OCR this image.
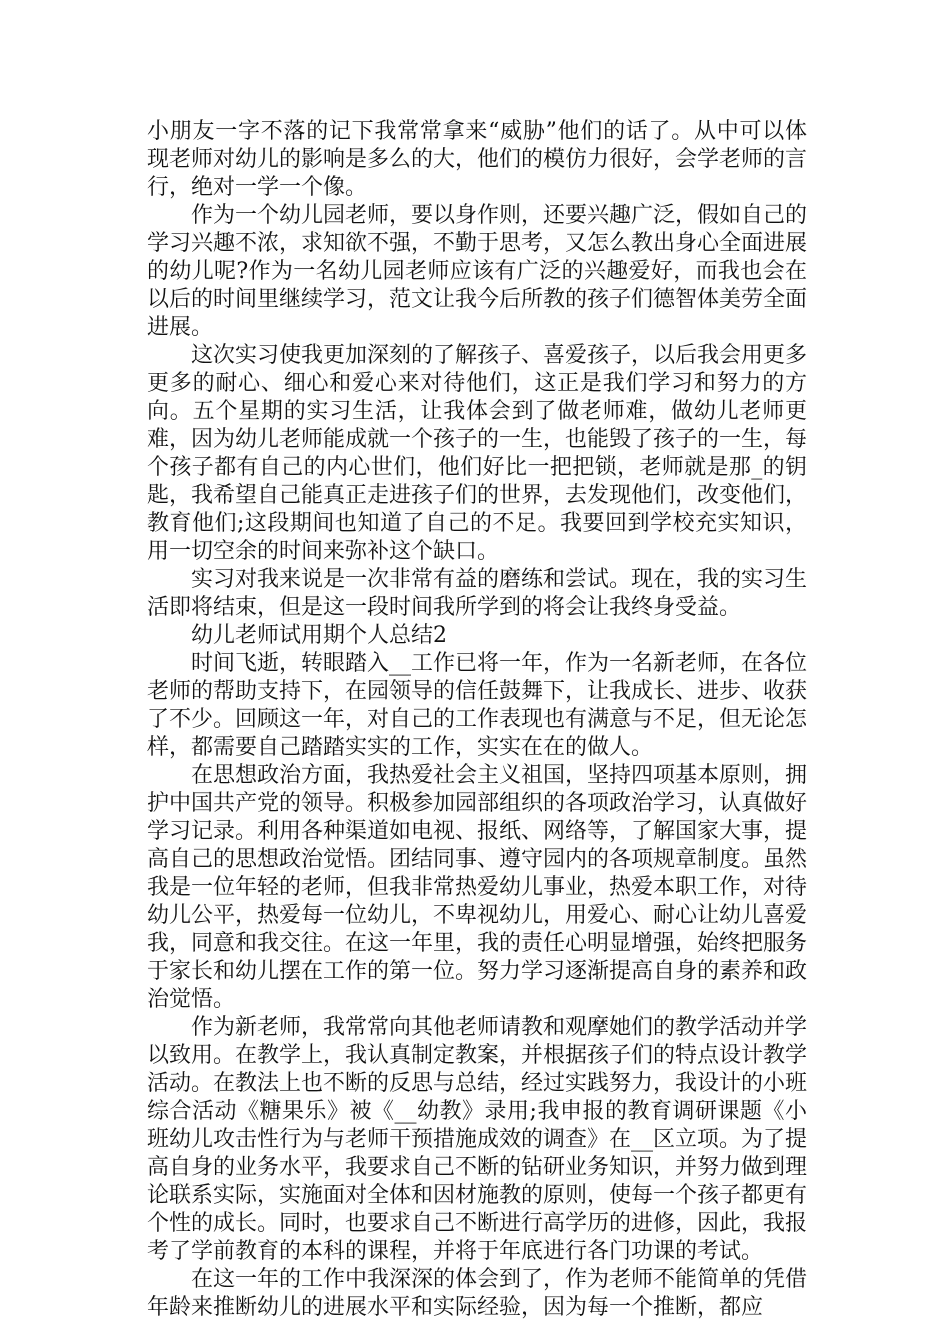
小朋友一字不落的记下我常常拿来“威胁”他们的话了。从中可以体现老师对幼儿的影响是多么的大，他们的模仿力很好，会学老师的言行，绝对一学一个像。

作为一个幼儿园老师，要以身作则，还要兴趣广泛，假如自己的学习兴趣不浓，求知欲不强，不勤于思考，又怎么教出身心全面进展的幼儿呢?作为一名幼儿园老师应该有广泛的兴趣爱好，而我也会在以后的时间里继续学习，范文让我今后所教的孩子们德智体美劳全面进展。

这次实习使我更加深刻的了解孩子、喜爱孩子，以后我会用更多更多的耐心、细心和爱心来对待他们，这正是我们学习和努力的方向。五个星期的实习生活，让我体会到了做老师难，做幼儿老师更难，因为幼儿老师能成就一个孩子的一生，也能毁了孩子的一生，每个孩子都有自己的内心世们，他们好比一把把锁，老师就是那_的钥匙，我希望自己能真正走进孩子们的世界，去发现他们，改变他们，教育他们;这段期间也知道了自己的不足。我要回到学校充实知识，用一切空余的时间来弥补这个缺口。

实习对我来说是一次非常有益的磨练和尝试。现在，我的实习生活即将结束，但是这一段时间我所学到的将会让我终身受益。

幼儿老师试用期个人总结2

时间飞逝，转眼踏入__工作已将一年，作为一名新老师，在各位老师的帮助支持下，在园领导的信任鼓舞下，让我成长、进步、收获了不少。回顾这一年，对自己的工作表现也有满意与不足，但无论怎样，都需要自己踏踏实实的工作，实实在在的做人。

在思想政治方面，我热爱社会主义祖国，坚持四项基本原则，拥护中国共产党的领导。积极参加园部组织的各项政治学习，认真做好学习记录。利用各种渠道如电视、报纸、网络等，了解国家大事，提高自己的思想政治觉悟。团结同事、遵守园内的各项规章制度。虽然我是一位年轻的老师，但我非常热爱幼儿事业，热爱本职工作，对待幼儿公平，热爱每一位幼儿，不卑视幼儿，用爱心、耐心让幼儿喜爱我，同意和我交往。在这一年里，我的责任心明显增强，始终把服务于家长和幼儿摆在工作的第一位。努力学习逐渐提高自身的素养和政治觉悟。

作为新老师，我常常向其他老师请教和观摩她们的教学活动并学以致用。在教学上，我认真制定教案，并根据孩子们的特点设计教学活动。在教法上也不断的反思与总结，经过实践努力，我设计的小班综合活动《糖果乐》被《__幼教》录用;我申报的教育调研课题《小班幼儿攻击性行为与老师干预措施成效的调查》在__区立项。为了提高自身的业务水平，我要求自己不断的钻研业务知识，并努力做到理论联系实际，实施面对全体和因材施教的原则，使每一个孩子都更有个性的成长。同时，也要求自己不断进行高学历的进修，因此，我报考了学前教育的本科的课程，并将于年底进行各门功课的考试。

在这一年的工作中我深深的体会到了，作为老师不能简单的凭借年龄来推断幼儿的进展水平和实际经验，因为每一个推断，都应
